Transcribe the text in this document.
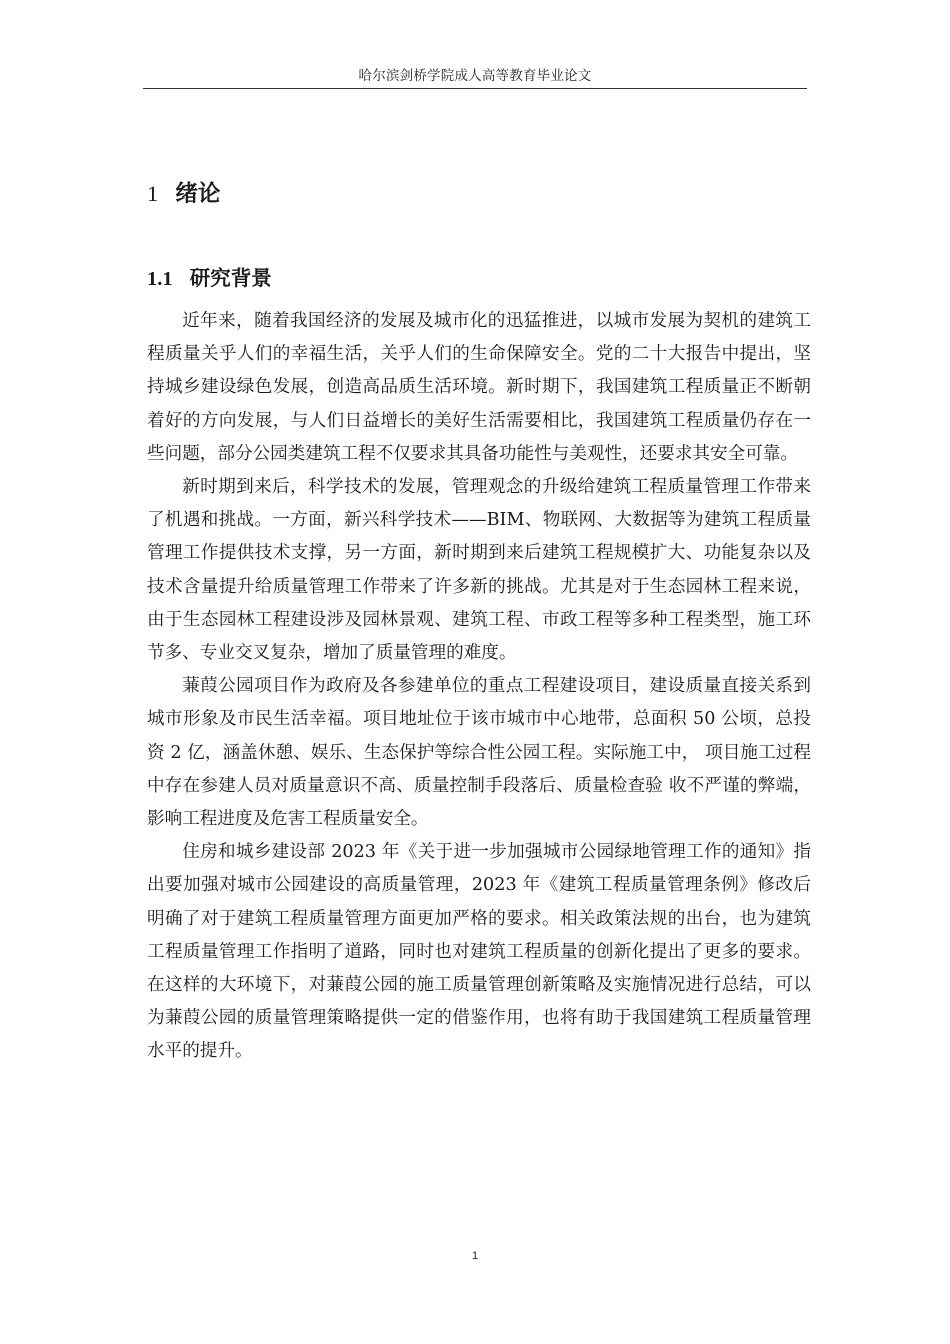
哈尔滨剑桥学院成人高等教育毕业论文
1 绪论
1.1 研究背景

近年来，随着我国经济的发展及城市化的迅猛推进，以城市发展为契机的建筑工程质量关乎人们的幸福生活，关乎人们的生命保障安全。党的二十大报告中提出，坚持城乡建设绿色发展，创造高品质生活环境。新时期下，我国建筑工程质量正不断朝着好的方向发展，与人们日益增长的美好生活需要相比，我国建筑工程质量仍存在一些问题，部分公园类建筑工程不仅要求其具备功能性与美观性，还要求其安全可靠。

新时期到来后，科学技术的发展，管理观念的升级给建筑工程质量管理工作带来了机遇和挑战。一方面，新兴科学技术——BIM、物联网、大数据等为建筑工程质量管理工作提供技术支撑，另一方面，新时期到来后建筑工程规模扩大、功能复杂以及技术含量提升给质量管理工作带来了许多新的挑战。尤其是对于生态园林工程来说，由于生态园林工程建设涉及园林景观、建筑工程、市政工程等多种工程类型，施工环节多、专业交叉复杂，增加了质量管理的难度。

蒹葭公园项目作为政府及各参建单位的重点工程建设项目，建设质量直接关系到城市形象及市民生活幸福。项目地址位于该市城市中心地带，总面积 50 公顷，总投资 2 亿，涵盖休憩、娱乐、生态保护等综合性公园工程。实际施工中， 项目施工过程中存在参建人员对质量意识不高、质量控制手段落后、质量检查验 收不严谨的弊端，影响工程进度及危害工程质量安全。

住房和城乡建设部 2023 年《关于进一步加强城市公园绿地管理工作的通知》指出要加强对城市公园建设的高质量管理，2023 年《建筑工程质量管理条例》修改后明确了对于建筑工程质量管理方面更加严格的要求。相关政策法规的出台，也为建筑工程质量管理工作指明了道路，同时也对建筑工程质量的创新化提出了更多的要求。在这样的大环境下，对蒹葭公园的施工质量管理创新策略及实施情况进行总结，可以为蒹葭公园的质量管理策略提供一定的借鉴作用，也将有助于我国建筑工程质量管理水平的提升。

1
